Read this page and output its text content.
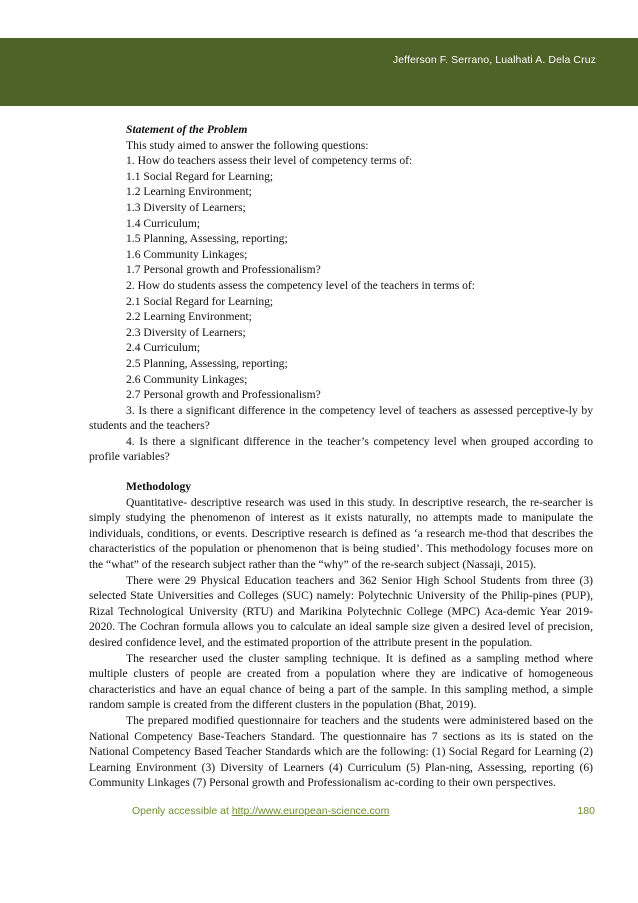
Jefferson F. Serrano, Lualhati A. Dela Cruz

Statement of the Problem

This study aimed to answer the following questions:

1. How do teachers assess their level of competency terms of:

1.1 Social Regard for Learning;

1.2 Learning Environment;

1.3 Diversity of Learners;

1.4 Curriculum;

1.5 Planning, Assessing, reporting;

1.6 Community Linkages;

1.7 Personal growth and Professionalism?

2. How do students assess the competency level of the teachers in terms of:

2.1 Social Regard for Learning;

2.2 Learning Environment;

2.3 Diversity of Learners;

2.4 Curriculum;

2.5 Planning, Assessing, reporting;

2.6 Community Linkages;

2.7 Personal growth and Professionalism?

3. Is there a significant difference in the competency level of teachers as assessed perceptive-ly by students and the teachers?

4. Is there a significant difference in the teacher’s competency level when grouped according to profile variables?

Methodology

Quantitative- descriptive research was used in this study. In descriptive research, the re-searcher is simply studying the phenomenon of interest as it exists naturally, no attempts made to manipulate the individuals, conditions, or events. Descriptive research is defined as ‘a research me-thod that describes the characteristics of the population or phenomenon that is being studied’. This methodology focuses more on the “what” of the research subject rather than the “why” of the re-search subject (Nassaji, 2015).

There were 29 Physical Education teachers and 362 Senior High School Students from three (3) selected State Universities and Colleges (SUC) namely: Polytechnic University of the Philip-pines (PUP), Rizal Technological University (RTU) and Marikina Polytechnic College (MPC) Aca-demic Year 2019-2020. The Cochran formula allows you to calculate an ideal sample size given a desired level of precision, desired confidence level, and the estimated proportion of the attribute present in the population.

The researcher used the cluster sampling technique. It is defined as a sampling method where multiple clusters of people are created from a population where they are indicative of homogeneous characteristics and have an equal chance of being a part of the sample. In this sampling method, a simple random sample is created from the different clusters in the population (Bhat, 2019).

The prepared modified questionnaire for teachers and the students were administered based on the National Competency Base-Teachers Standard. The questionnaire has 7 sections as its is stated on the National Competency Based Teacher Standards which are the following: (1) Social Regard for Learning (2) Learning Environment (3) Diversity of Learners (4) Curriculum (5) Plan-ning, Assessing, reporting (6) Community Linkages (7) Personal growth and Professionalism ac-cording to their own perspectives.

Openly accessible at http://www.european-science.com	180
